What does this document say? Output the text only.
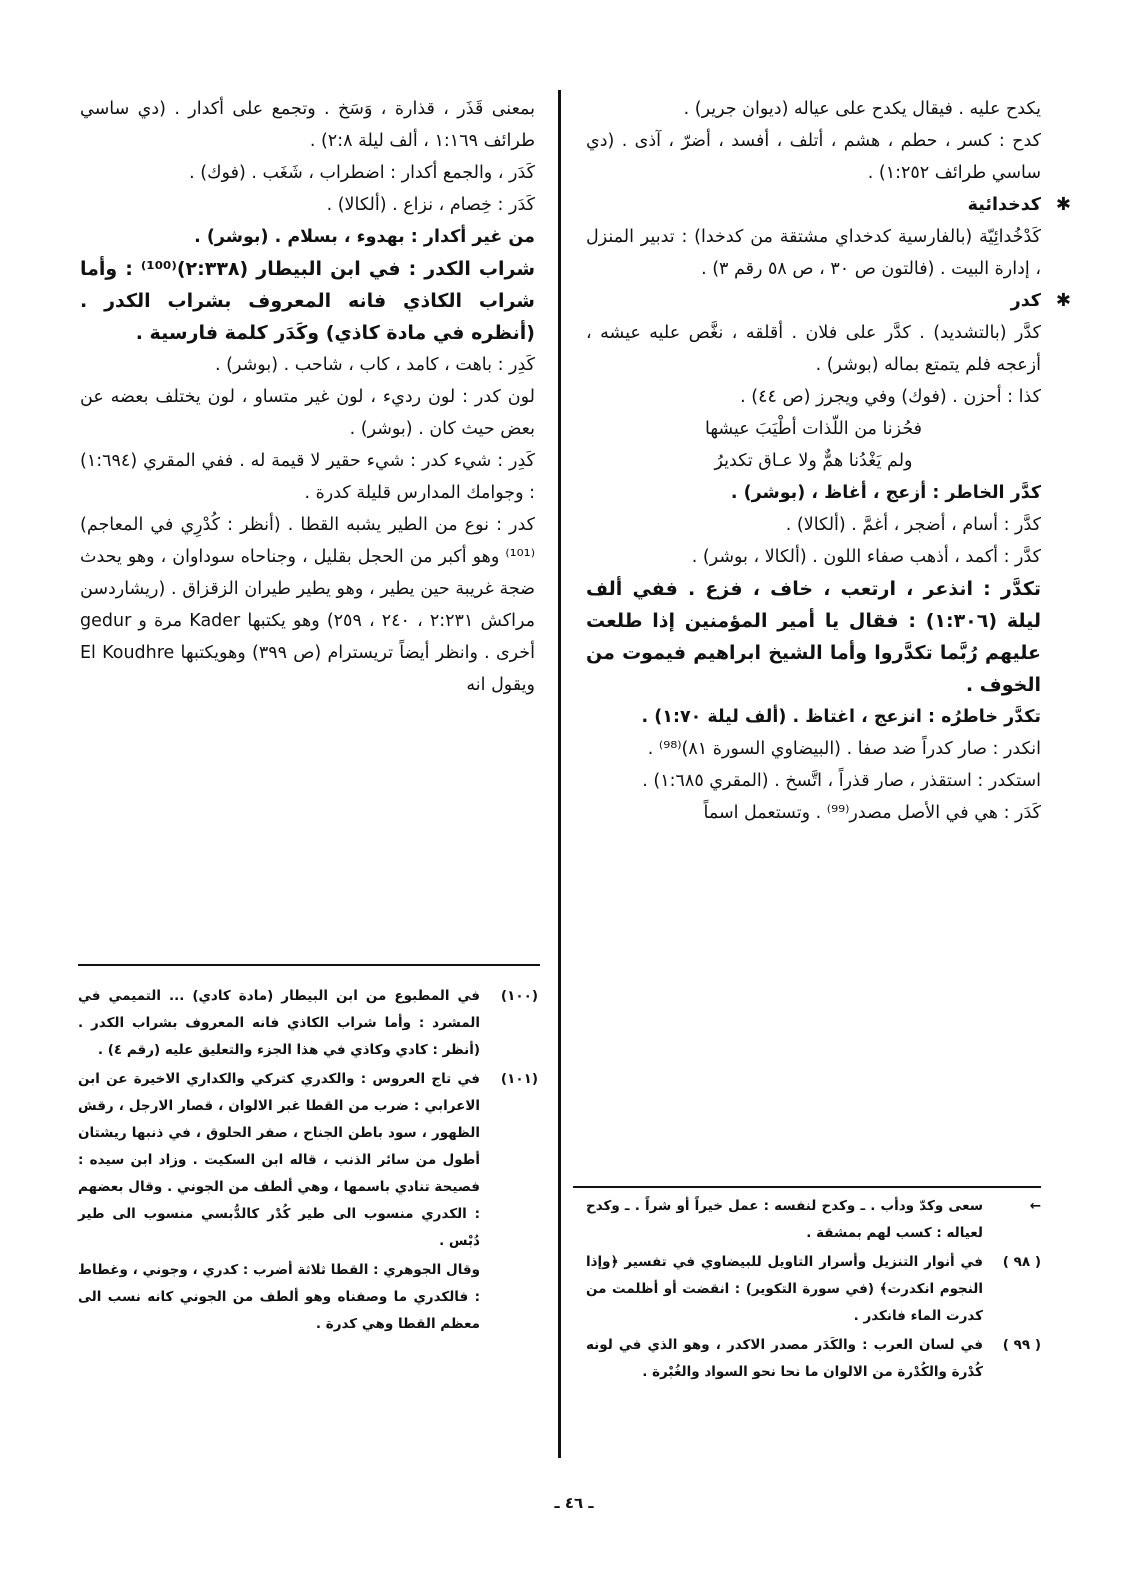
يكدح عليه . فيقال يكدح على عياله (ديوان جرير) .

كدح : كسر ، حطم ، هشم ، أتلف ، أفسد ، أضرّ ، آذى . (دي ساسي طرائف ١:٢٥٢) .

✱
كدخدائية

كَدْخُدائِيّة (بالفارسية كدخداي مشتقة من كدخدا) : تدبير المنزل ، إدارة البيت . (فالتون ص ٣٠ ، ص ٥٨ رقم ٣) .

✱
كدر

كدَّر (بالتشديد) . كدَّر على فلان . أقلقه ، نغَّص عليه عيشه ، أزعجه فلم يتمتع بماله (بوشر) .

كذا : أحزن . (فوك) وفي ويجرز (ص ٤٤) .

فحُزنا من اللّذات أطْيَبَ عيشها

ولم يَغْدُنا همٌّ ولا عـاق تكديرُ

كدَّر الخاطر : أزعج ، أغاظ ، (بوشر) .

كدَّر : أسام ، أضجر ، أغمَّ . (ألكالا) .

كدَّر : أكمد ، أذهب صفاء اللون . (ألكالا ، بوشر) .

تكدَّر : انذعر ، ارتعب ، خاف ، فزع . ففي ألف ليلة (١:٣٠٦) : فقال يا أمير المؤمنين إذا طلعت عليهم رُبَّما تكدَّروا وأما الشيخ ابراهيم فيموت من الخوف .

تكدَّر خاطرُه : انزعج ، اغتاظ . (ألف ليلة ١:٧٠) .

انكدر : صار كدراً ضد صفا . (البيضاوي السورة ٨١)⁽⁹⁸⁾ .

استكدر : استقذر ، صار قذراً ، اتَّسخ . (المقري ١:٦٨٥) .

كَدَر : هي في الأصل مصدر⁽⁹⁹⁾ . وتستعمل اسماً

بمعنى قَذَر ، قذارة ، وَسَخ . وتجمع على أكدار . (دي ساسي طرائف ١:١٦٩ ، ألف ليلة ٢:٨) .

كَدَر ، والجمع أكدار : اضطراب ، شَغَب . (فوك) .

كَدَر : خِصام ، نزاع . (ألكالا) .

من غير أكدار : بهدوء ، بسلام . (بوشر) .

شراب الكدر : في ابن البيطار (٢:٣٣٨)⁽¹⁰⁰⁾ : وأما شراب الكاذي فانه المعروف بشراب الكدر . (أنظره في مادة كاذي) وكَدَر كلمة فارسية .

كَدِر : باهت ، كامد ، كاب ، شاحب . (بوشر) .

لون كدر : لون رديء ، لون غير متساو ، لون يختلف بعضه عن بعض حيث كان . (بوشر) .

كَدِر : شيء كدر : شيء حقير لا قيمة له . ففي المقري (١:٦٩٤) : وجوامك المدارس قليلة كدرة .

كدر : نوع من الطير يشبه القطا . (أنظر : كُدْرِي في المعاجم)⁽¹⁰¹⁾ وهو أكبر من الحجل بقليل ، وجناحاه سوداوان ، وهو يحدث ضجة غريبة حين يطير ، وهو يطير طيران الزقزاق . (ريشاردسن مراكش ٢:٢٣١ ، ٢٤٠ ، ٢٥٩) وهو يكتبها Kader مرة و gedur أخرى . وانظر أيضاً تريسترام (ص ٣٩٩) وهويكتبها El Koudhre ويقول انه

(١٠٠)
في المطبوع من ابن البيطار (مادة كادي) ... التميمي في المشرد : وأما شراب الكاذي فانه المعروف بشراب الكدر . (أنظر : كادي وكاذي في هذا الجزء والتعليق عليه (رقم ٤) .
(١٠١)
في تاج العروس : والكدري كتركي والكداري الاخيرة عن ابن الاعرابي : ضرب من القطا غبر الالوان ، قصار الارجل ، رقش الظهور ، سود باطن الجناح ، صفر الحلوق ، في ذنبها ريشتان أطول من سائر الذنب ، قاله ابن السكيت . وزاد ابن سيده : فصيحة تنادي باسمها ، وهي ألطف من الجوني . وقال بعضهم : الكدري منسوب الى طير كُدْر كالدُّبسي منسوب الى طير دُبْس .
وقال الجوهري : القطا ثلاثة أضرب : كدري ، وجوني ، وغطاط : فالكدري ما وصفناه وهو ألطف من الجوني كانه نسب الى معظم القطا وهي كدرة .
←
سعى وكدّ ودأب . ـ وكدح لنفسه : عمل خيراً أو شراً . ـ وكدح لعياله : كسب لهم بمشقة .
( ٩٨ )
في أنوار التنزيل وأسرار التاويل للبيضاوي في تفسير ﴿وإذا النجوم انكدرت﴾ (في سورة التكوير) : انقضت أو أظلمت من كدرت الماء فانكدر .
( ٩٩ )
في لسان العرب : والكَدَر مصدر الاكدر ، وهو الذي في لونه كُدْرة والكُدْرة من الالوان ما نحا نحو السواد والغُبْرة .
ـ ٤٦ ـ
